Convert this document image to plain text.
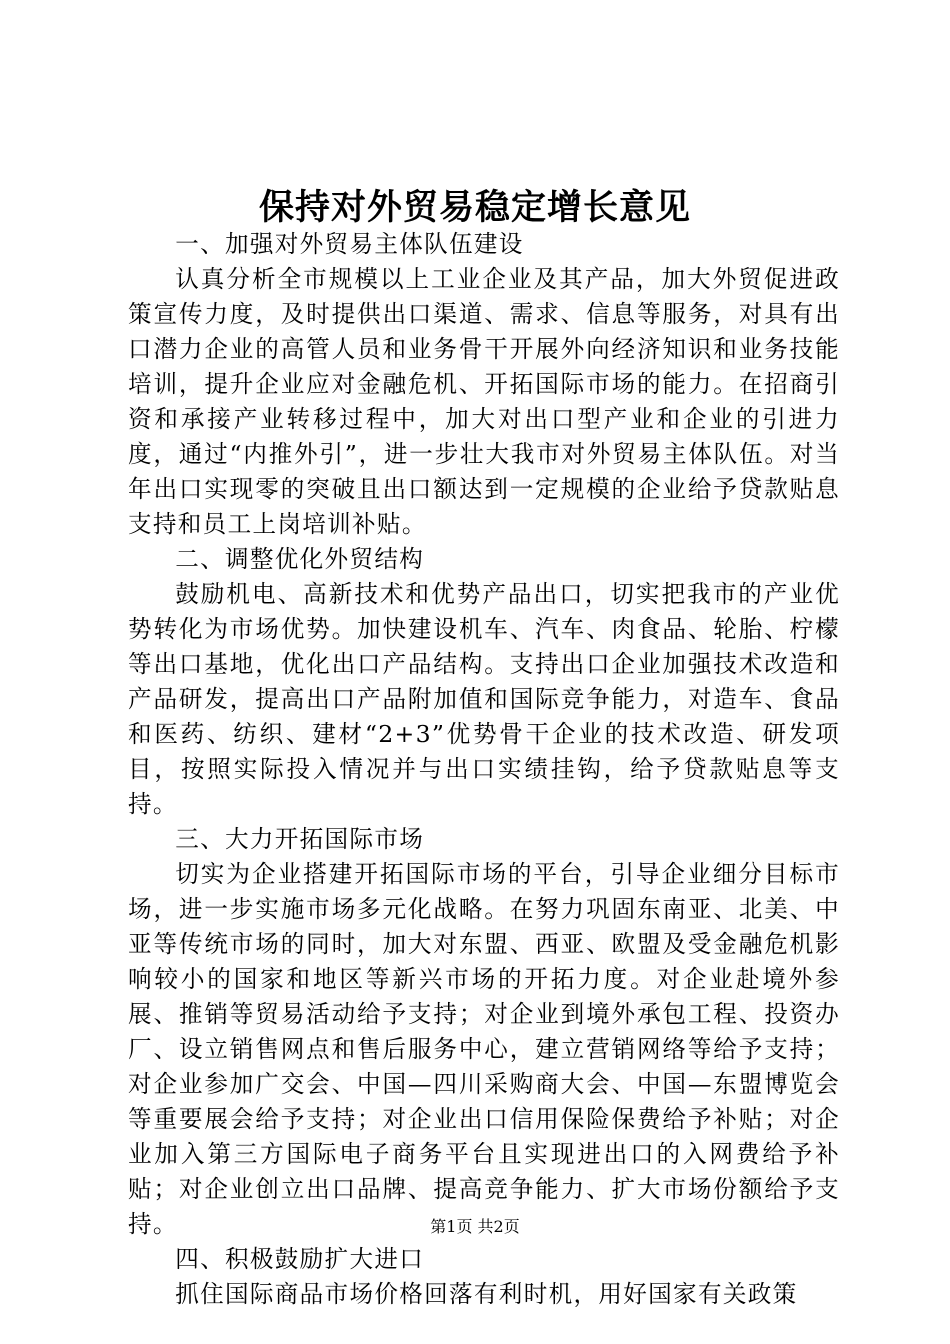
保持对外贸易稳定增长意见

一、加强对外贸易主体队伍建设

认真分析全市规模以上工业企业及其产品，加大外贸促进政策宣传力度，及时提供出口渠道、需求、信息等服务，对具有出口潜力企业的高管人员和业务骨干开展外向经济知识和业务技能培训，提升企业应对金融危机、开拓国际市场的能力。在招商引资和承接产业转移过程中，加大对出口型产业和企业的引进力度，通过“内推外引”，进一步壮大我市对外贸易主体队伍。对当年出口实现零的突破且出口额达到一定规模的企业给予贷款贴息支持和员工上岗培训补贴。

二、调整优化外贸结构

鼓励机电、高新技术和优势产品出口，切实把我市的产业优势转化为市场优势。加快建设机车、汽车、肉食品、轮胎、柠檬等出口基地，优化出口产品结构。支持出口企业加强技术改造和产品研发，提高出口产品附加值和国际竞争能力，对造车、食品和医药、纺织、建材“2+3”优势骨干企业的技术改造、研发项目，按照实际投入情况并与出口实绩挂钩，给予贷款贴息等支持。

三、大力开拓国际市场

切实为企业搭建开拓国际市场的平台，引导企业细分目标市场，进一步实施市场多元化战略。在努力巩固东南亚、北美、中亚等传统市场的同时，加大对东盟、西亚、欧盟及受金融危机影响较小的国家和地区等新兴市场的开拓力度。对企业赴境外参展、推销等贸易活动给予支持；对企业到境外承包工程、投资办厂、设立销售网点和售后服务中心，建立营销网络等给予支持；对企业参加广交会、中国—四川采购商大会、中国—东盟博览会等重要展会给予支持；对企业出口信用保险保费给予补贴；对企业加入第三方国际电子商务平台且实现进出口的入网费给予补贴；对企业创立出口品牌、提高竞争能力、扩大市场份额给予支持。

四、积极鼓励扩大进口

抓住国际商品市场价格回落有利时机，用好国家有关政策

第1页 共2页
